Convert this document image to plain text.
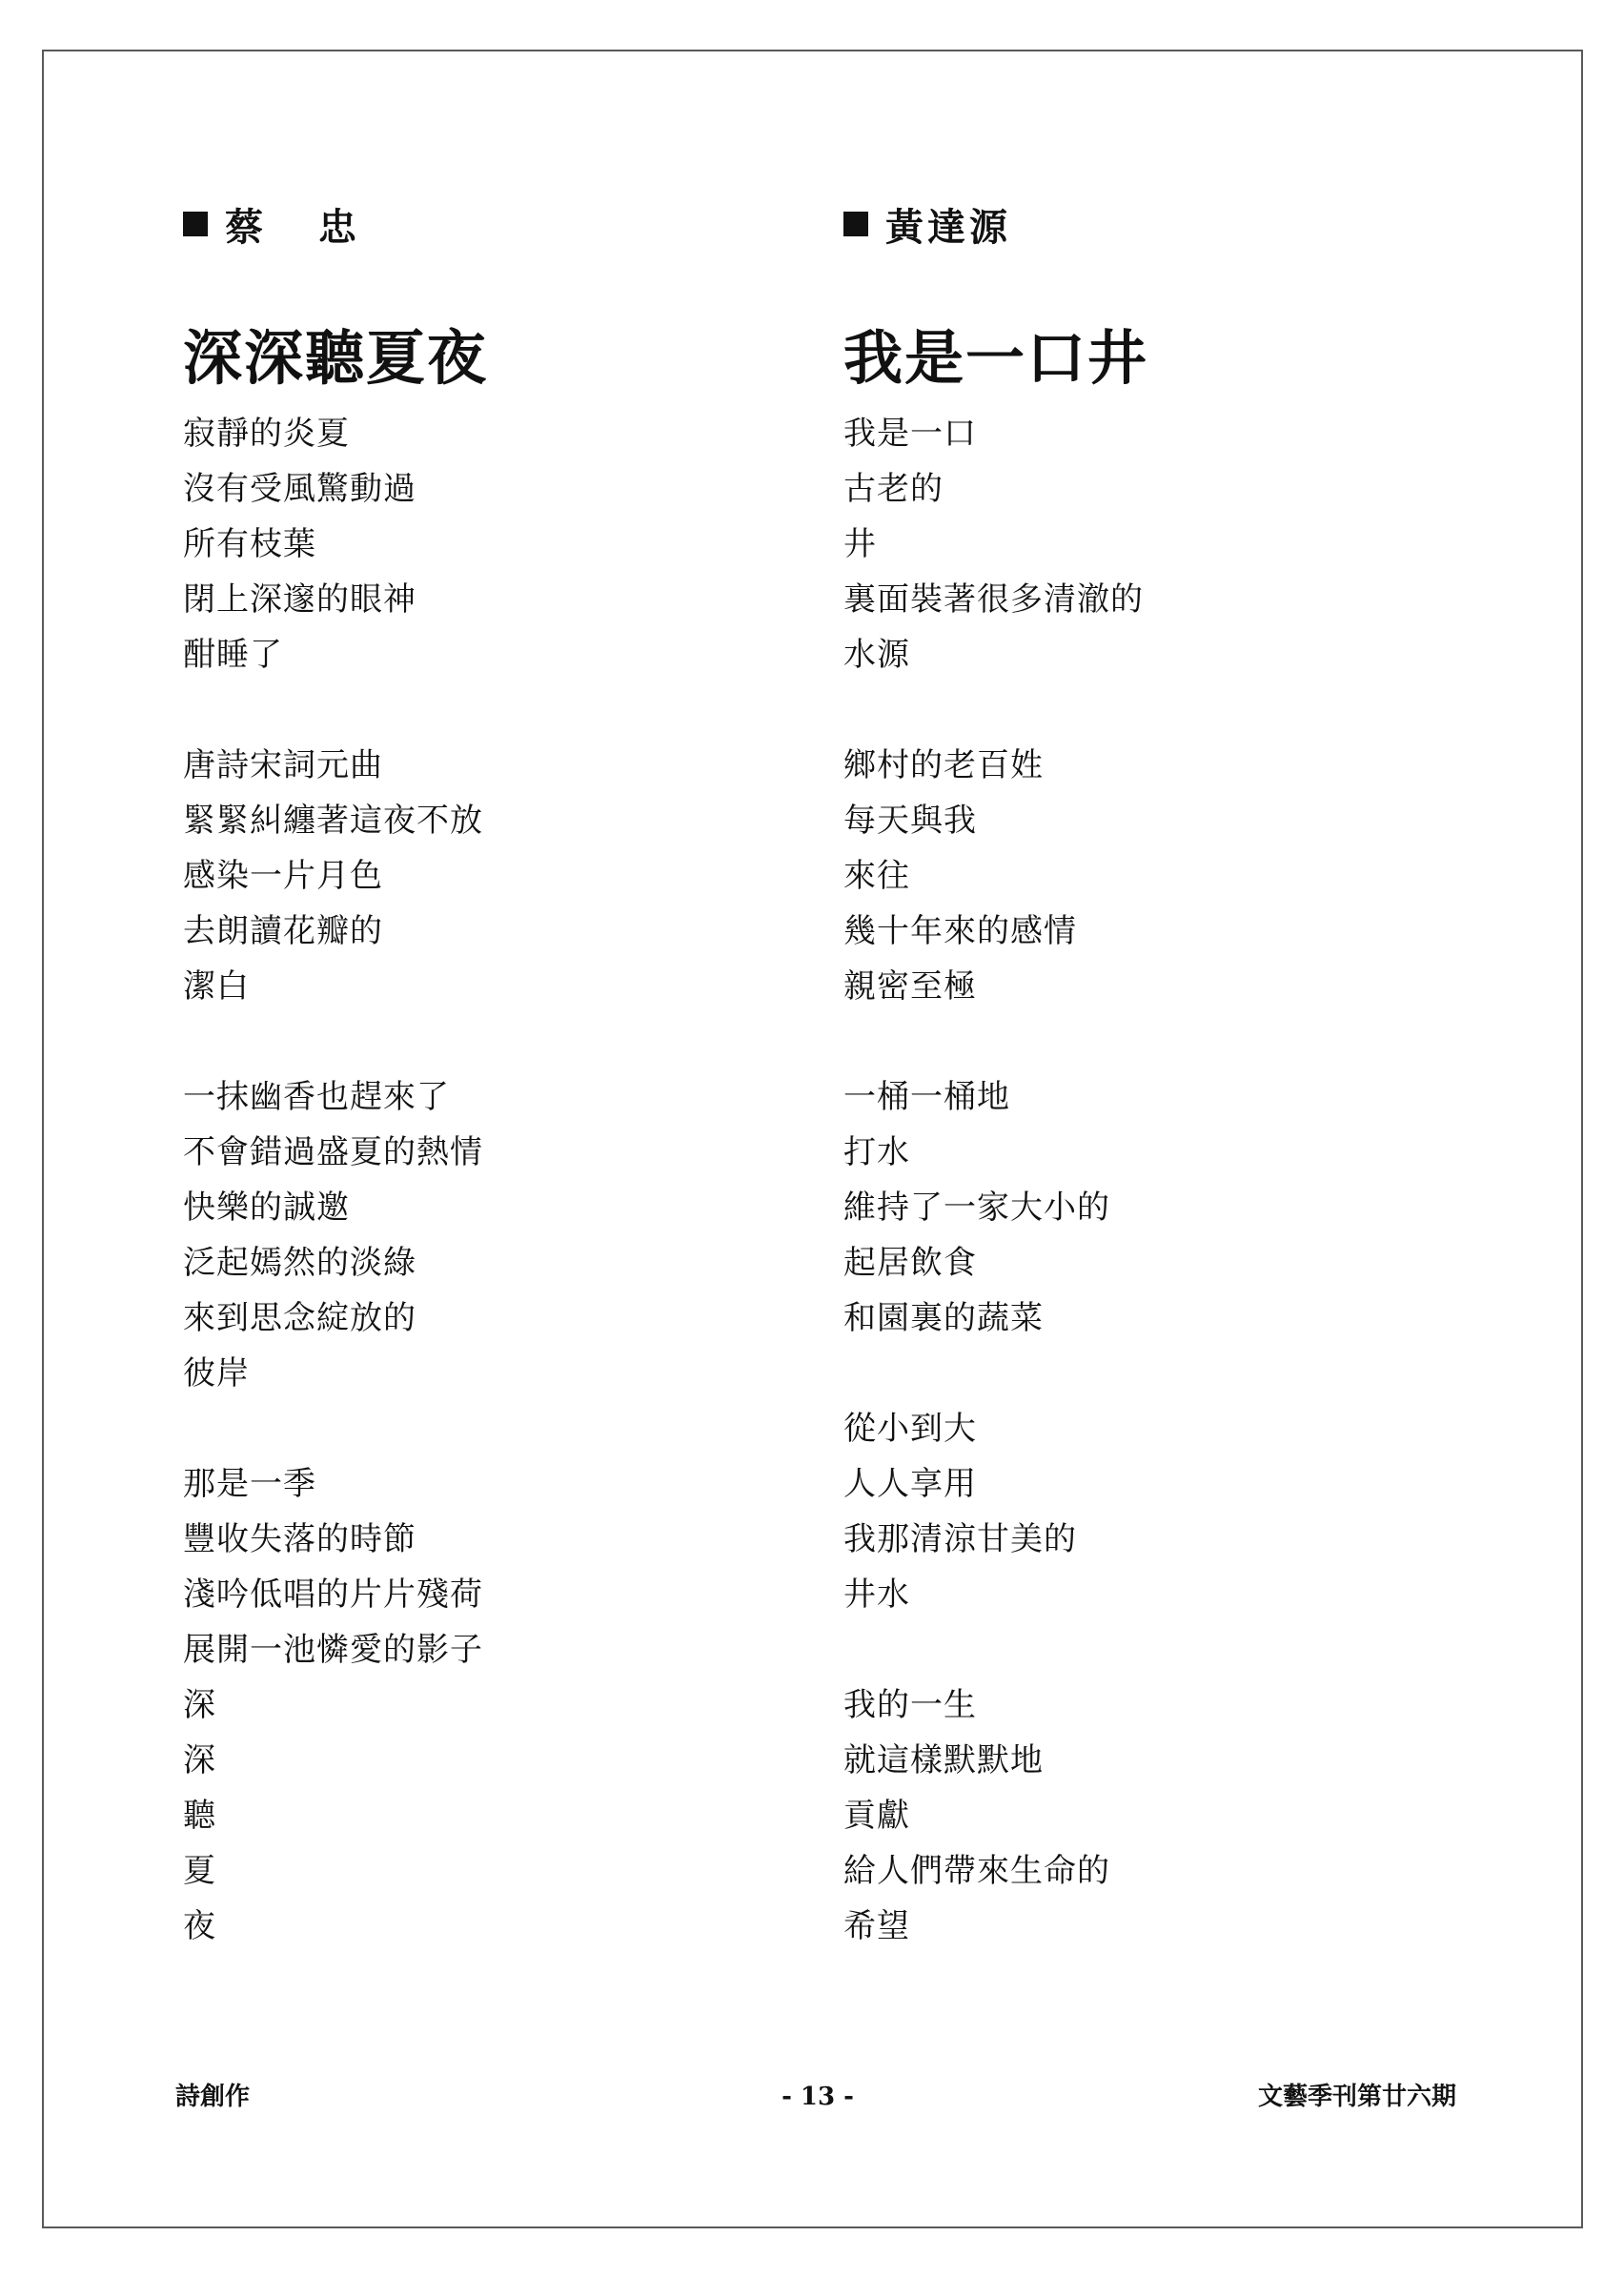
蔡 忠
深深聽夏夜
寂靜的炎夏
沒有受風驚動過
所有枝葉
閉上深邃的眼神
酣睡了
唐詩宋詞元曲
緊緊糾纏著這夜不放
感染一片月色
去朗讀花瓣的
潔白
一抹幽香也趕來了
不會錯過盛夏的熱情
快樂的誠邀
泛起嫣然的淡綠
來到思念綻放的
彼岸
那是一季
豐收失落的時節
淺吟低唱的片片殘荷
展開一池憐愛的影子
深
深
聽
夏
夜
黃達源
我是一口井
我是一口
古老的
井
裏面裝著很多清澈的
水源
鄉村的老百姓
每天與我
來往
幾十年來的感情
親密至極
一桶一桶地
打水
維持了一家大小的
起居飲食
和園裏的蔬菜
從小到大
人人享用
我那清涼甘美的
井水
我的一生
就這樣默默地
貢獻
給人們帶來生命的
希望
詩創作	- 13 -	文藝季刊第廿六期
